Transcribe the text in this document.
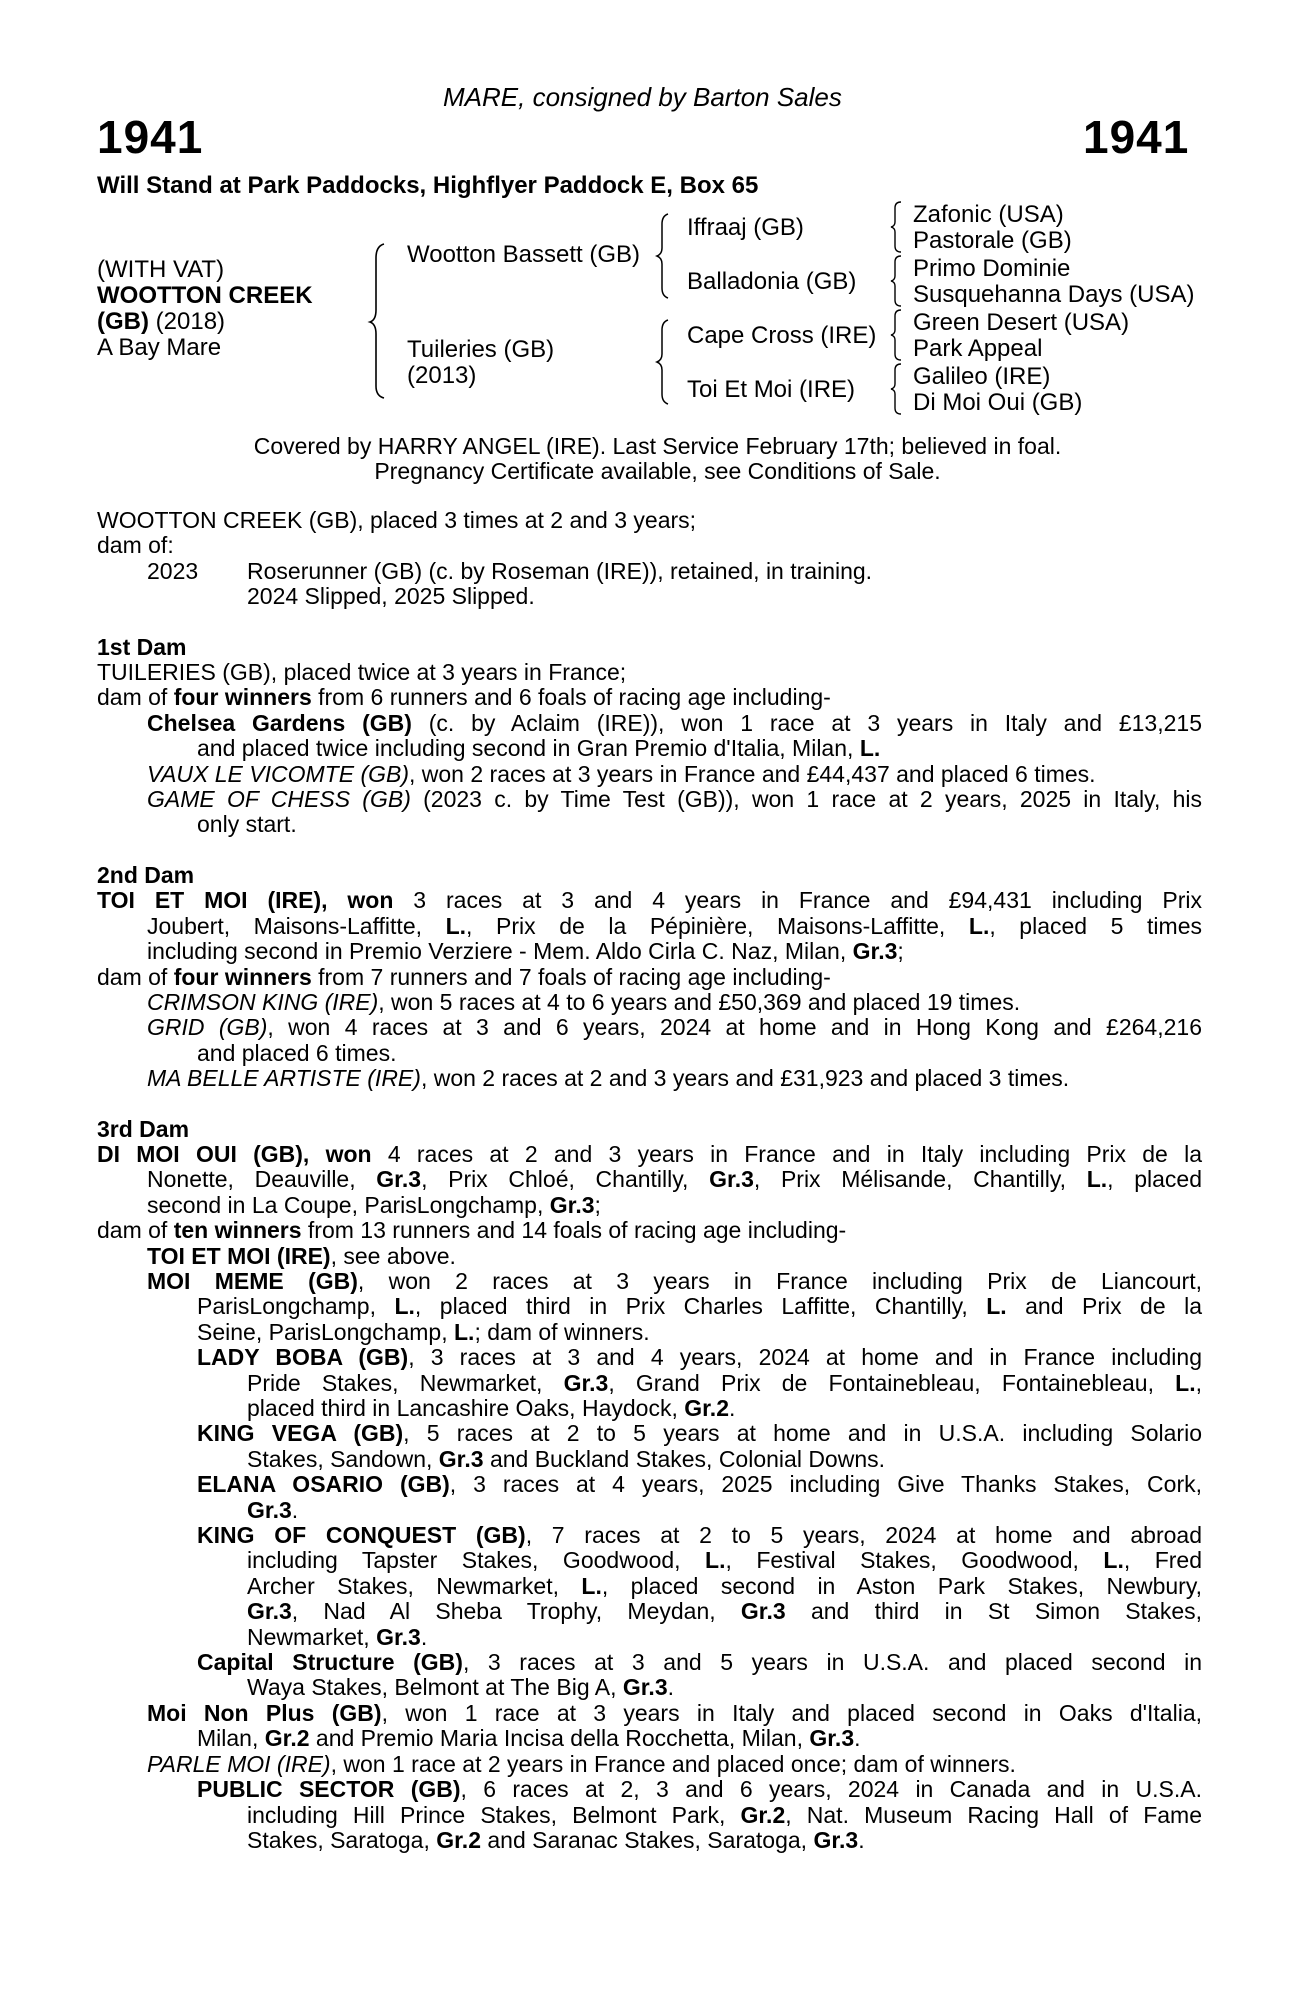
MARE, consigned by Barton Sales
1941	1941
Will Stand at Park Paddocks, Highflyer Paddock E, Box 65
(WITH VAT)
WOOTTON CREEK
(GB) (2018)
A Bay Mare
Wootton Bassett (GB)
Tuileries (GB)
(2013)
Iffraaj (GB)
Balladonia (GB)
Cape Cross (IRE)
Toi Et Moi (IRE)
Zafonic (USA)
Pastorale (GB)
Primo Dominie
Susquehanna Days (USA)
Green Desert (USA)
Park Appeal
Galileo (IRE)
Di Moi Oui (GB)
Covered by HARRY ANGEL (IRE). Last Service February 17th; believed in foal.
Pregnancy Certificate available, see Conditions of Sale.
WOOTTON CREEK (GB), placed 3 times at 2 and 3 years;
dam of:
2023 Roserunner (GB) (c. by Roseman (IRE)), retained, in training.
2024 Slipped, 2025 Slipped.
1st Dam
TUILERIES (GB), placed twice at 3 years in France;
dam of four winners from 6 runners and 6 foals of racing age including-
Chelsea Gardens (GB) (c. by Aclaim (IRE)), won 1 race at 3 years in Italy and £13,215
and placed twice including second in Gran Premio d'Italia, Milan, L.
VAUX LE VICOMTE (GB), won 2 races at 3 years in France and £44,437 and placed 6 times.
GAME OF CHESS (GB) (2023 c. by Time Test (GB)), won 1 race at 2 years, 2025 in Italy, his
only start.
2nd Dam
TOI ET MOI (IRE), won 3 races at 3 and 4 years in France and £94,431 including Prix
Joubert, Maisons-Laffitte, L., Prix de la Pépinière, Maisons-Laffitte, L., placed 5 times
including second in Premio Verziere - Mem. Aldo Cirla C. Naz, Milan, Gr.3;
dam of four winners from 7 runners and 7 foals of racing age including-
CRIMSON KING (IRE), won 5 races at 4 to 6 years and £50,369 and placed 19 times.
GRID (GB), won 4 races at 3 and 6 years, 2024 at home and in Hong Kong and £264,216
and placed 6 times.
MA BELLE ARTISTE (IRE), won 2 races at 2 and 3 years and £31,923 and placed 3 times.
3rd Dam
DI MOI OUI (GB), won 4 races at 2 and 3 years in France and in Italy including Prix de la
Nonette, Deauville, Gr.3, Prix Chloé, Chantilly, Gr.3, Prix Mélisande, Chantilly, L., placed
second in La Coupe, ParisLongchamp, Gr.3;
dam of ten winners from 13 runners and 14 foals of racing age including-
TOI ET MOI (IRE), see above.
MOI MEME (GB), won 2 races at 3 years in France including Prix de Liancourt,
ParisLongchamp, L., placed third in Prix Charles Laffitte, Chantilly, L. and Prix de la
Seine, ParisLongchamp, L.; dam of winners.
LADY BOBA (GB), 3 races at 3 and 4 years, 2024 at home and in France including
Pride Stakes, Newmarket, Gr.3, Grand Prix de Fontainebleau, Fontainebleau, L.,
placed third in Lancashire Oaks, Haydock, Gr.2.
KING VEGA (GB), 5 races at 2 to 5 years at home and in U.S.A. including Solario
Stakes, Sandown, Gr.3 and Buckland Stakes, Colonial Downs.
ELANA OSARIO (GB), 3 races at 4 years, 2025 including Give Thanks Stakes, Cork,
Gr.3.
KING OF CONQUEST (GB), 7 races at 2 to 5 years, 2024 at home and abroad
including Tapster Stakes, Goodwood, L., Festival Stakes, Goodwood, L., Fred
Archer Stakes, Newmarket, L., placed second in Aston Park Stakes, Newbury,
Gr.3, Nad Al Sheba Trophy, Meydan, Gr.3 and third in St Simon Stakes,
Newmarket, Gr.3.
Capital Structure (GB), 3 races at 3 and 5 years in U.S.A. and placed second in
Waya Stakes, Belmont at The Big A, Gr.3.
Moi Non Plus (GB), won 1 race at 3 years in Italy and placed second in Oaks d'Italia,
Milan, Gr.2 and Premio Maria Incisa della Rocchetta, Milan, Gr.3.
PARLE MOI (IRE), won 1 race at 2 years in France and placed once; dam of winners.
PUBLIC SECTOR (GB), 6 races at 2, 3 and 6 years, 2024 in Canada and in U.S.A.
including Hill Prince Stakes, Belmont Park, Gr.2, Nat. Museum Racing Hall of Fame
Stakes, Saratoga, Gr.2 and Saranac Stakes, Saratoga, Gr.3.
